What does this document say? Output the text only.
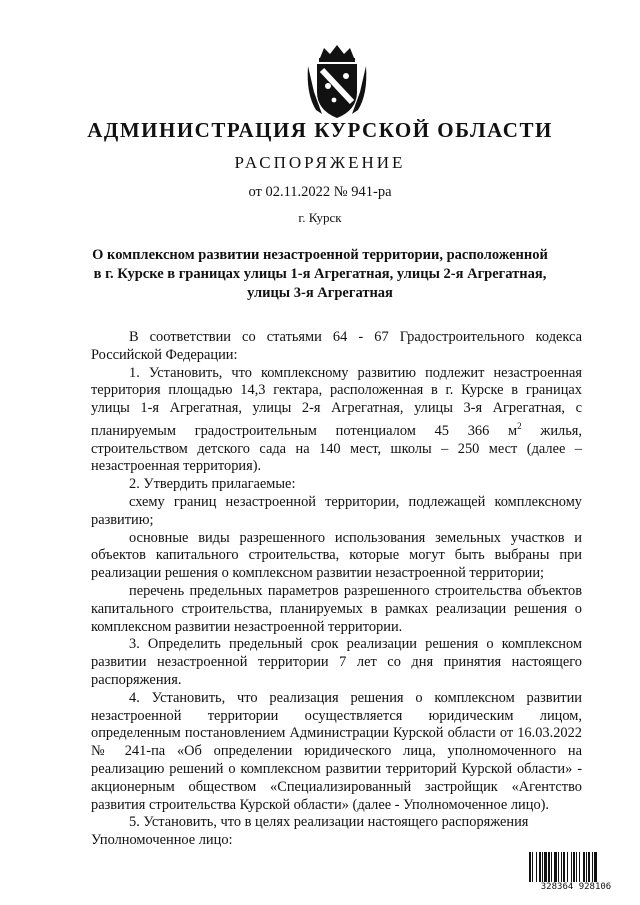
АДМИНИСТРАЦИЯ КУРСКОЙ ОБЛАСТИ
РАСПОРЯЖЕНИЕ
от 02.11.2022 № 941-ра
г. Курск
О комплексном развитии незастроенной территории, расположенной
в г. Курске в границах улицы 1-я Агрегатная, улицы 2-я Агрегатная,
улицы 3-я Агрегатная

В соответствии со статьями 64 - 67 Градостроительного кодекса Российской Федерации:

1. Установить, что комплексному развитию подлежит незастроенная территория площадью 14,3 гектара, расположенная в г. Курске в границах улицы 1-я Агрегатная, улицы 2-я Агрегатная, улицы 3-я Агрегатная, с планируемым градостроительным потенциалом 45 366 $м^2$ жилья, строительством детского сада на 140 мест, школы – 250 мест (далее – незастроенная территория).

2. Утвердить прилагаемые:

схему границ незастроенной территории, подлежащей комплексному развитию;

основные виды разрешенного использования земельных участков и объектов капитального строительства, которые могут быть выбраны при реализации решения о комплексном развитии незастроенной территории;

перечень предельных параметров разрешенного строительства объектов капитального строительства, планируемых в рамках реализации решения о комплексном развитии незастроенной территории.

3. Определить предельный срок реализации решения о комплексном развитии незастроенной территории 7 лет со дня принятия настоящего распоряжения.

4. Установить, что реализация решения о комплексном развитии незастроенной территории осуществляется юридическим лицом, определенным постановлением Администрации Курской области от 16.03.2022 № 241-па «Об определении юридического лица, уполномоченного на реализацию решений о комплексном развитии территорий Курской области» - акционерным обществом «Специализированный застройщик «Агентство развития строительства Курской области» (далее - Уполномоченное лицо).

5. Установить, что в целях реализации настоящего распоряжения Уполномоченное лицо:

328364 928106
